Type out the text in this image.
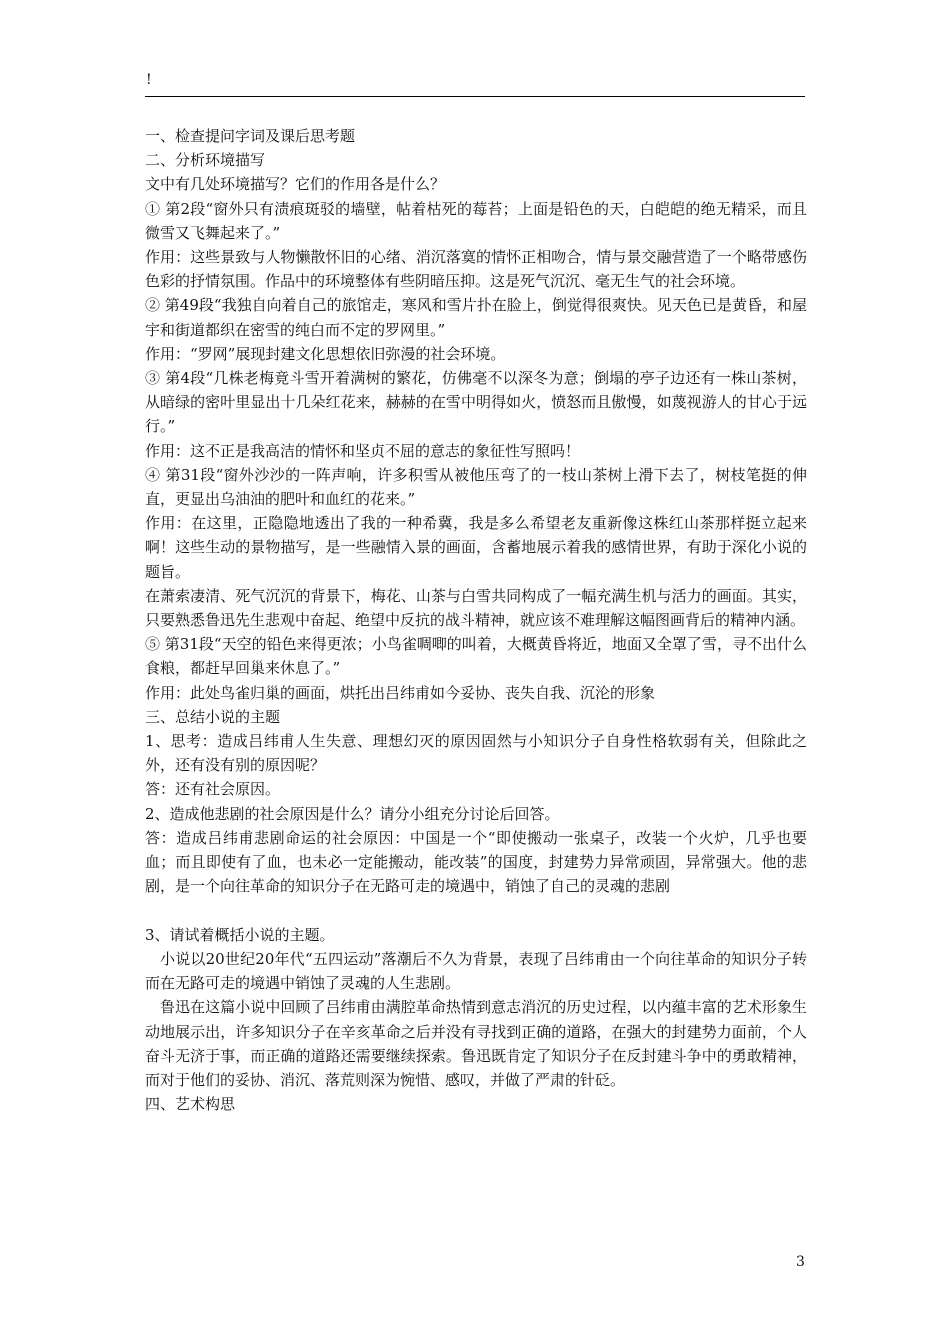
!

一、检查提问字词及课后思考题

二、分析环境描写

文中有几处环境描写？它们的作用各是什么？

① 第2段“窗外只有渍痕斑驳的墙壁，帖着枯死的莓苔；上面是铅色的天，白皑皑的绝无精采，而且微雪又飞舞起来了。”

作用：这些景致与人物懒散怀旧的心绪、消沉落寞的情怀正相吻合，情与景交融营造了一个略带感伤色彩的抒情氛围。作品中的环境整体有些阴暗压抑。这是死气沉沉、毫无生气的社会环境。

② 第49段“我独自向着自己的旅馆走，寒风和雪片扑在脸上，倒觉得很爽快。见天色已是黄昏，和屋宇和街道都织在密雪的纯白而不定的罗网里。”

作用：“罗网”展现封建文化思想依旧弥漫的社会环境。

③ 第4段“几株老梅竟斗雪开着满树的繁花，仿佛毫不以深冬为意；倒塌的亭子边还有一株山茶树，从暗绿的密叶里显出十几朵红花来，赫赫的在雪中明得如火，愤怒而且傲慢，如蔑视游人的甘心于远行。”

作用：这不正是我高洁的情怀和坚贞不屈的意志的象征性写照吗！

④ 第31段“窗外沙沙的一阵声响，许多积雪从被他压弯了的一枝山茶树上滑下去了，树枝笔挺的伸直，更显出乌油油的肥叶和血红的花来。”

作用：在这里，正隐隐地透出了我的一种希冀，我是多么希望老友重新像这株红山茶那样挺立起来啊！这些生动的景物描写，是一些融情入景的画面，含蓄地展示着我的感情世界，有助于深化小说的题旨。

在萧索凄清、死气沉沉的背景下，梅花、山茶与白雪共同构成了一幅充满生机与活力的画面。其实，只要熟悉鲁迅先生悲观中奋起、绝望中反抗的战斗精神，就应该不难理解这幅图画背后的精神内涵。

⑤ 第31段“天空的铅色来得更浓；小鸟雀啁唧的叫着，大概黄昏将近，地面又全罩了雪，寻不出什么食粮，都赶早回巢来休息了。”

作用：此处鸟雀归巢的画面，烘托出吕纬甫如今妥协、丧失自我、沉沦的形象

三、总结小说的主题

1、思考：造成吕纬甫人生失意、理想幻灭的原因固然与小知识分子自身性格软弱有关，但除此之外，还有没有别的原因呢？

答：还有社会原因。

2、造成他悲剧的社会原因是什么？请分小组充分讨论后回答。

答：造成吕纬甫悲剧命运的社会原因：中国是一个“即使搬动一张桌子，改装一个火炉，几乎也要血；而且即使有了血，也未必一定能搬动，能改装”的国度，封建势力异常顽固，异常强大。他的悲剧，是一个向往革命的知识分子在无路可走的境遇中，销蚀了自己的灵魂的悲剧

3、请试着概括小说的主题。

小说以20世纪20年代“五四运动”落潮后不久为背景，表现了吕纬甫由一个向往革命的知识分子转而在无路可走的境遇中销蚀了灵魂的人生悲剧。

鲁迅在这篇小说中回顾了吕纬甫由满腔革命热情到意志消沉的历史过程，以内蕴丰富的艺术形象生动地展示出，许多知识分子在辛亥革命之后并没有寻找到正确的道路，在强大的封建势力面前，个人奋斗无济于事，而正确的道路还需要继续探索。鲁迅既肯定了知识分子在反封建斗争中的勇敢精神，而对于他们的妥协、消沉、落荒则深为惋惜、感叹，并做了严肃的针砭。

四、艺术构思

3
